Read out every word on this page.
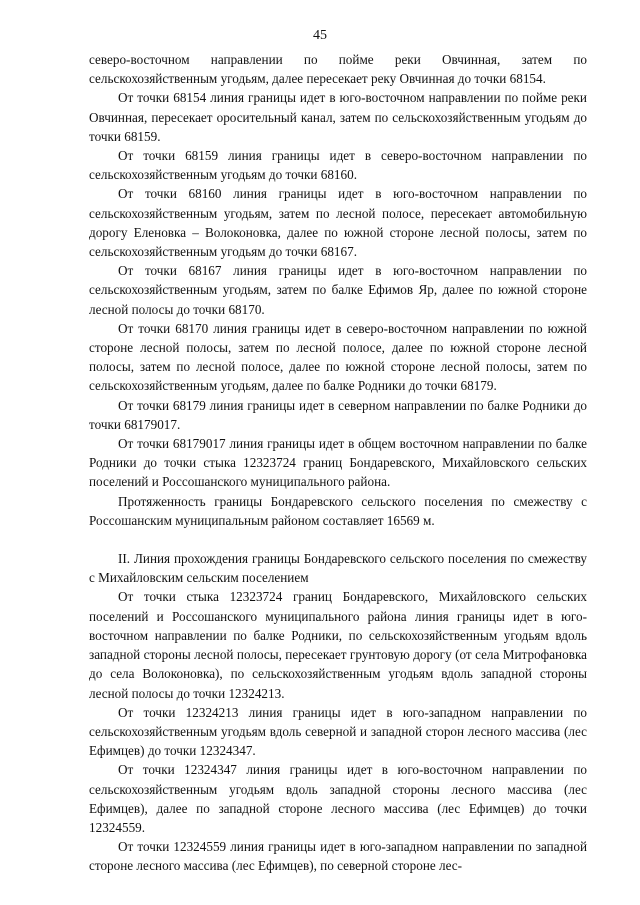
45

северо-восточном направлении по пойме реки Овчинная, затем по сельскохозяйственным угодьям, далее пересекает реку Овчинная до точки 68154.

От точки 68154 линия границы идет в юго-восточном направлении по пойме реки Овчинная, пересекает оросительный канал, затем по сельскохозяйственным угодьям до точки 68159.

От точки 68159 линия границы идет в северо-восточном направлении по сельскохозяйственным угодьям до точки 68160.

От точки 68160 линия границы идет в юго-восточном направлении по сельскохозяйственным угодьям, затем по лесной полосе, пересекает автомобильную дорогу Еленовка – Волоконовка, далее по южной стороне лесной полосы, затем по сельскохозяйственным угодьям до точки 68167.

От точки 68167 линия границы идет в юго-восточном направлении по сельскохозяйственным угодьям, затем по балке Ефимов Яр, далее по южной стороне лесной полосы до точки 68170.

От точки 68170 линия границы идет в северо-восточном направлении по южной стороне лесной полосы, затем по лесной полосе, далее по южной стороне лесной полосы, затем по лесной полосе, далее по южной стороне лесной полосы, затем по сельскохозяйственным угодьям, далее по балке Родники до точки 68179.

От точки 68179 линия границы идет в северном направлении по балке Родники до точки 68179017.

От точки 68179017 линия границы идет в общем восточном направлении по балке Родники до точки стыка 12323724 границ Бондаревского, Михайловского сельских поселений и Россошанского муниципального района.

Протяженность границы Бондаревского сельского поселения по смежеству с Россошанским муниципальным районом составляет 16569 м.

II. Линия прохождения границы Бондаревского сельского поселения по смежеству с Михайловским сельским поселением

От точки стыка 12323724 границ Бондаревского, Михайловского сельских поселений и Россошанского муниципального района линия границы идет в юго-восточном направлении по балке Родники, по сельскохозяйственным угодьям вдоль западной стороны лесной полосы, пересекает грунтовую дорогу (от села Митрофановка до села Волоконовка), по сельскохозяйственным угодьям вдоль западной стороны лесной полосы до точки 12324213.

От точки 12324213 линия границы идет в юго-западном направлении по сельскохозяйственным угодьям вдоль северной и западной сторон лесного массива (лес Ефимцев) до точки 12324347.

От точки 12324347 линия границы идет в юго-восточном направлении по сельскохозяйственным угодьям вдоль западной стороны лесного массива (лес Ефимцев), далее по западной стороне лесного массива (лес Ефимцев) до точки 12324559.

От точки 12324559 линия границы идет в юго-западном направлении по западной стороне лесного массива (лес Ефимцев), по северной стороне лес-
